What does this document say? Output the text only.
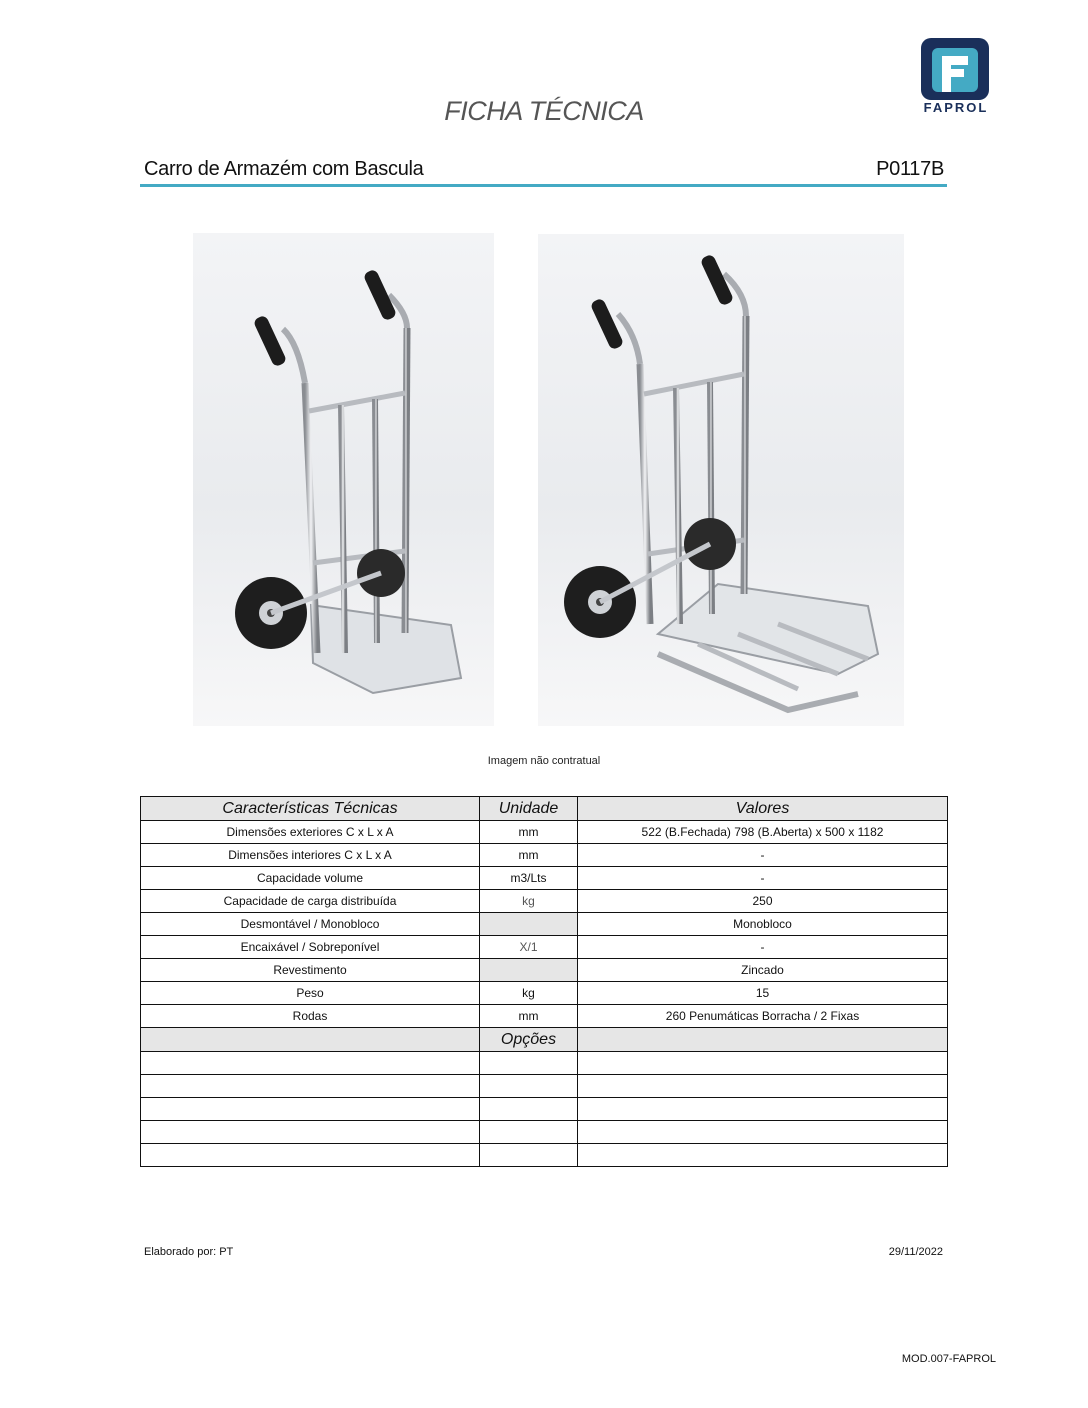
FAPROL
FICHA TÉCNICA
Carro de Armazém com Bascula	P0117B
Imagem não contratual
Características Técnicas	Unidade	Valores
Dimensões exteriores C x L x A	mm	522 (B.Fechada) 798 (B.Aberta) x 500 x 1182
Dimensões interiores C x L x A	mm	-
Capacidade volume	m3/Lts	-
Capacidade de carga distribuída	kg	250
Desmontável / Monobloco		Monobloco
Encaixável / Sobreponível	X/1	-
Revestimento		Zincado
Peso	kg	15
Rodas	mm	260 Penumáticas Borracha / 2 Fixas
	Opções	

Elaborado por: PT	29/11/2022
MOD.007-FAPROL
